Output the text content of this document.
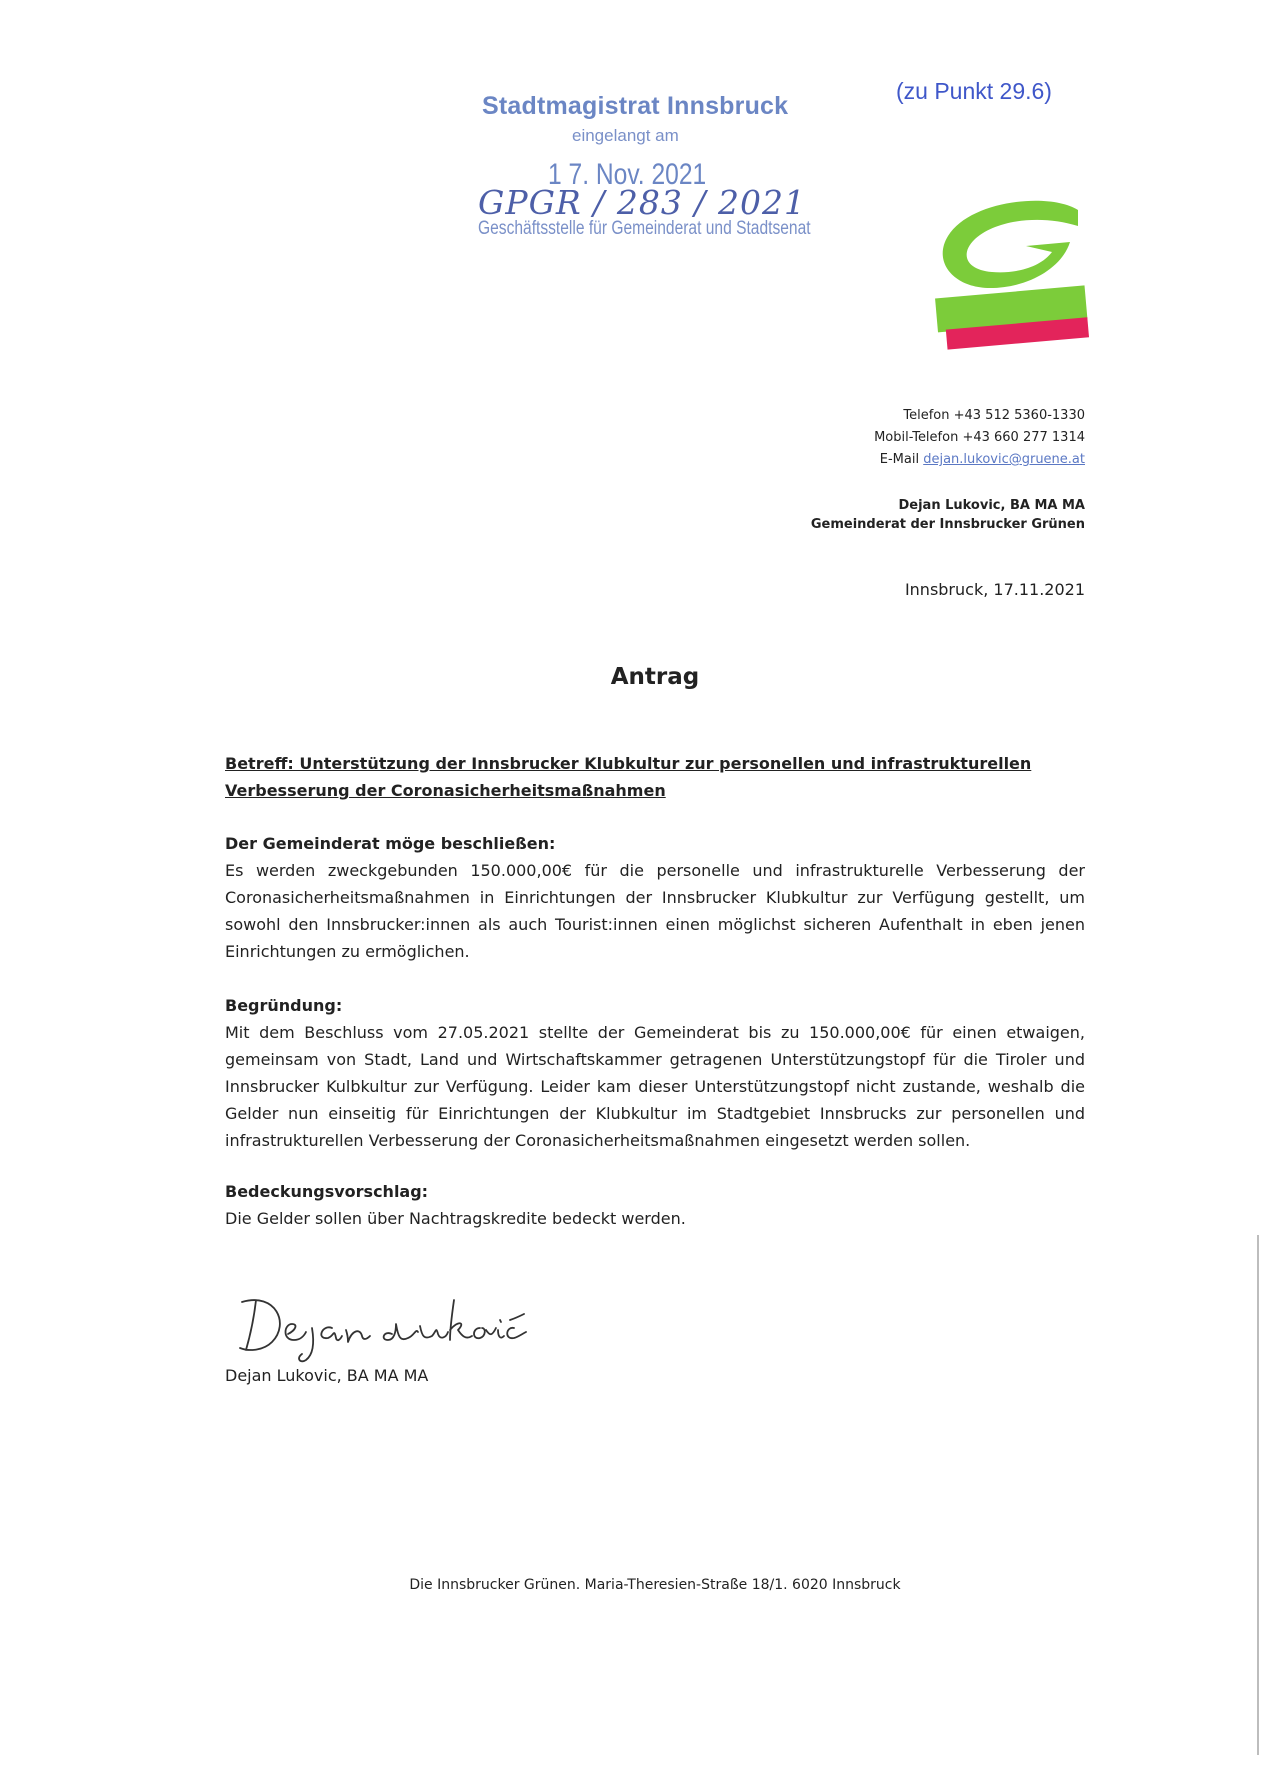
Stadtmagistrat Innsbruck
eingelangt am
1 7. Nov. 2021
GPGR / 283 / 2021
Geschäftsstelle für Gemeinderat und Stadtsenat
(zu Punkt 29.6)
Telefon +43 512 5360-1330
Mobil-Telefon +43 660 277 1314
E-Mail dejan.lukovic@gruene.at
Dejan Lukovic, BA MA MA
Gemeinderat der Innsbrucker Grünen
Innsbruck, 17.11.2021
Antrag
Betreff: Unterstützung der Innsbrucker Klubkultur zur personellen und infrastrukturellen Verbesserung der Coronasicherheitsmaßnahmen
Der Gemeinderat möge beschließen:
Es werden zweckgebunden 150.000,00€ für die personelle und infrastrukturelle Verbesserung der Coronasicherheitsmaßnahmen in Einrichtungen der Innsbrucker Klubkultur zur Verfügung gestellt, um sowohl den Innsbrucker:innen als auch Tourist:innen einen möglichst sicheren Aufenthalt in eben jenen Einrichtungen zu ermöglichen.
Begründung:
Mit dem Beschluss vom 27.05.2021 stellte der Gemeinderat bis zu 150.000,00€ für einen etwaigen, gemeinsam von Stadt, Land und Wirtschaftskammer getragenen Unterstützungstopf für die Tiroler und Innsbrucker Kulbkultur zur Verfügung. Leider kam dieser Unterstützungstopf nicht zustande, weshalb die Gelder nun einseitig für Einrichtungen der Klubkultur im Stadtgebiet Innsbrucks zur personellen und infrastrukturellen Verbesserung der Coronasicherheitsmaßnahmen eingesetzt werden sollen.
Bedeckungsvorschlag:
Die Gelder sollen über Nachtragskredite bedeckt werden.
Dejan Lukovic, BA MA MA
Die Innsbrucker Grünen. Maria-Theresien-Straße 18/1. 6020 Innsbruck
